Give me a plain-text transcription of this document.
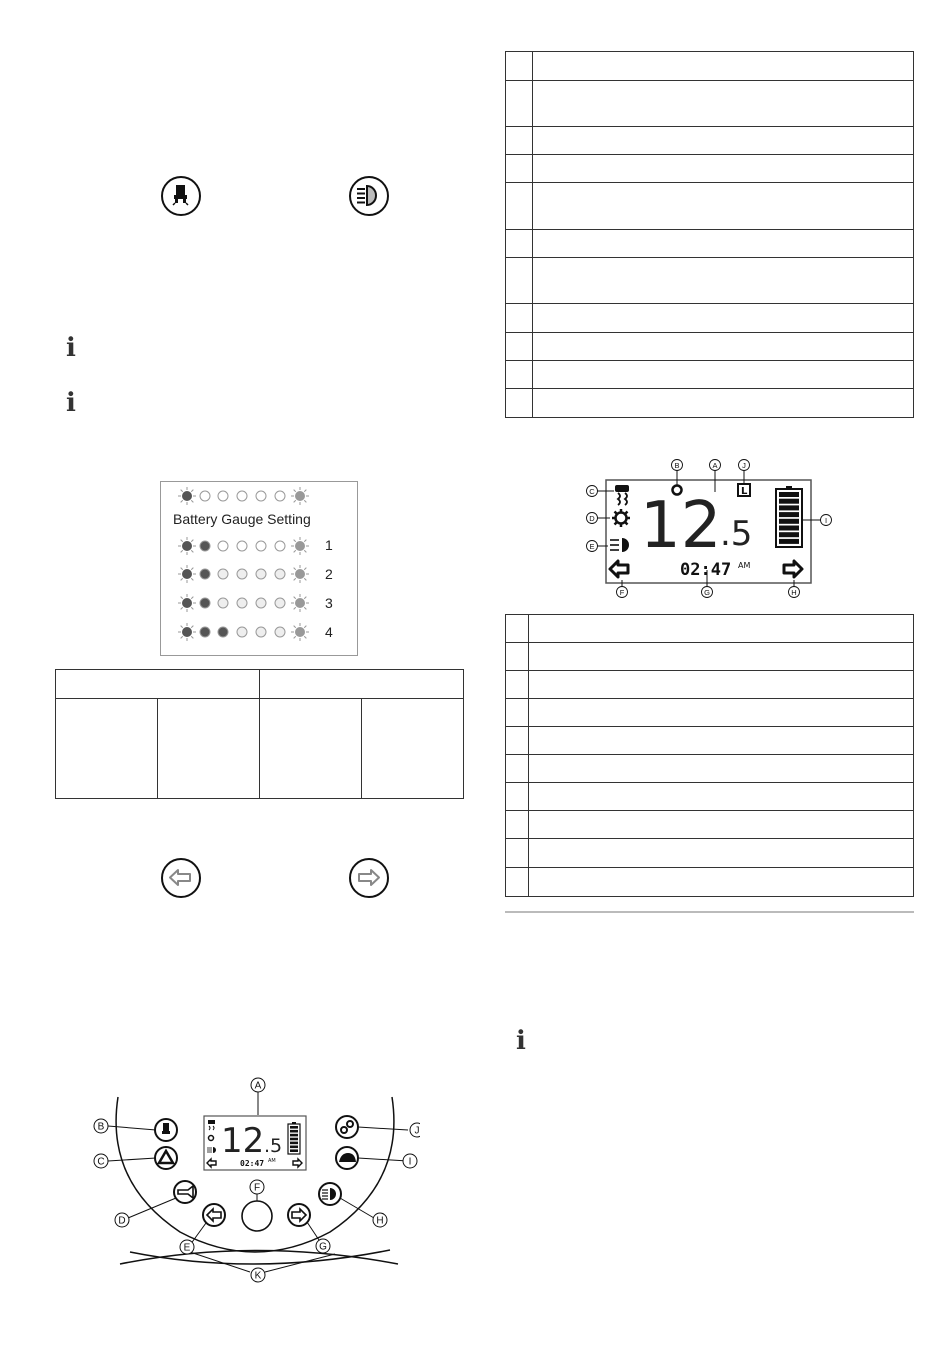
ℹ
ℹ
ℹ
Battery Gauge Setting
1
2
3
4

12
.5
L
02:47 AM
A
B
C
D
E
F	G	H
I
J

12 .5
02:47 AM
A
B
C
D
E
F
G
H
I
J
K
